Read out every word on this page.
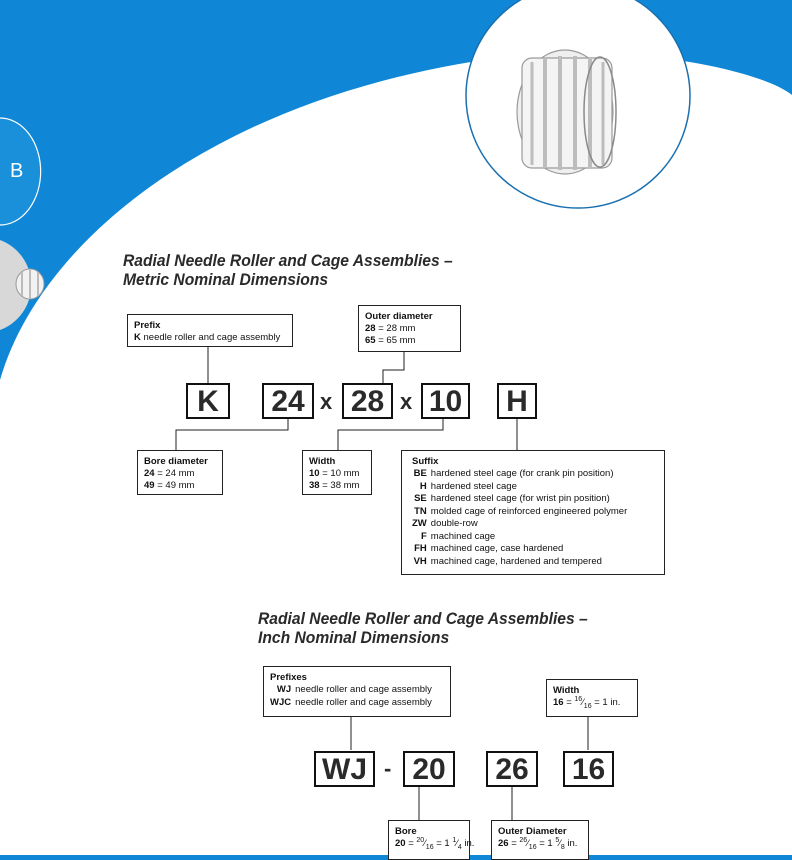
B
Radial Needle Roller and Cage Assemblies –
Metric Nominal Dimensions
Prefix
K needle roller and cage assembly
Outer diameter
28 = 28 mm
65 = 65 mm
K	24 x 28 x 10	H
Bore diameter
24 = 24 mm
49 = 49 mm
Width
10 = 10 mm
38 = 38 mm
Suffix
BE	hardened steel cage (for crank pin position)
H	hardened steel cage
SE	hardened steel cage (for wrist pin position)
TN	molded cage of reinforced engineered polymer
ZW	double-row
F	machined cage
FH	machined cage, case hardened
VH	machined cage, hardened and tempered
Radial Needle Roller and Cage Assemblies –
Inch Nominal Dimensions
Prefixes
WJ	needle roller and cage assembly
WJC	needle roller and cage assembly
Width
$16 = ^{16}⁄_{16} = 1$ in.
WJ - 20	26	16
Bore
$20 = ^{20}⁄_{16} = 1$ $^1⁄_4$ in.
Outer Diameter
$26 = ^{26}⁄_{16} = 1$ $^5⁄_8$ in.
